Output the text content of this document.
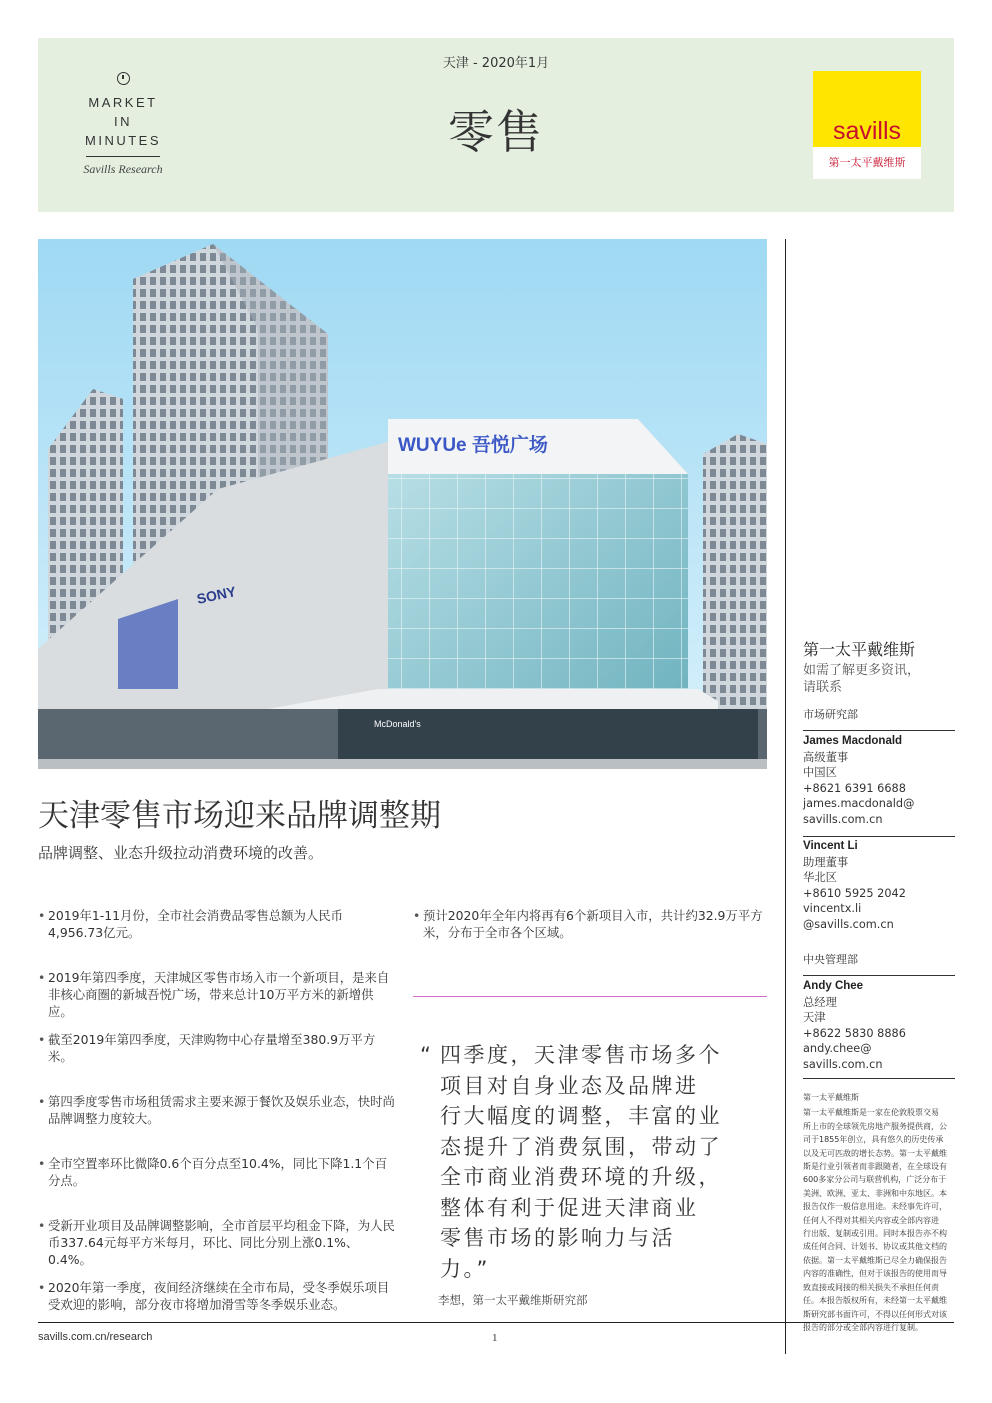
MARKET
IN
MINUTES
Savills Research
天津 - 2020年1月
零售	savills
第一太平戴维斯
SONY
WUYUe 吾悦广场
McDonald's
天津零售市场迎来品牌调整期
品牌调整、业态升级拉动消费环境的改善。
• 2019年1-11月份，全市社会消费品零售总额为人民币4,956.73亿元。
• 2019年第四季度，天津城区零售市场入市一个新项目，是来自非核心商圈的新城吾悦广场，带来总计10万平方米的新增供应。
• 截至2019年第四季度，天津购物中心存量增至380.9万平方米。
• 第四季度零售市场租赁需求主要来源于餐饮及娱乐业态，快时尚品牌调整力度较大。
• 全市空置率环比微降0.6个百分点至10.4%，同比下降1.1个百分点。
• 受新开业项目及品牌调整影响，全市首层平均租金下降，为人民币337.64元每平方米每月，环比、同比分别上涨0.1%、0.4%。
• 2020年第一季度，夜间经济继续在全市布局，受冬季娱乐项目受欢迎的影响，部分夜市将增加滑雪等冬季娱乐业态。
• 预计2020年全年内将再有6个新项目入市，共计约32.9万平方米，分布于全市各个区域。
“ 四季度，天津零售市场多个
项目对自身业态及品牌进
行大幅度的调整，丰富的业
态提升了消费氛围，带动了
全市商业消费环境的升级，
整体有利于促进天津商业
零售市场的影响力与活
力。”
李想，第一太平戴维斯研究部
第一太平戴维斯
如需了解更多资讯，
请联系
市场研究部
James Macdonald
高级董事
中国区
+8621 6391 6688
james.macdonald@
savills.com.cn
Vincent Li
助理董事
华北区
+8610 5925 2042
vincentx.li
@savills.com.cn
中央管理部
Andy Chee
总经理
天津
+8622 5830 8886
andy.chee@
savills.com.cn
第一太平戴维斯
第一太平戴维斯是一家在伦敦股票交易
所上市的全球领先房地产服务提供商，公
司于1855年创立，具有悠久的历史传承
以及无可匹敌的增长态势。第一太平戴维
斯是行业引领者而非跟随者，在全球设有
600多家分公司与联营机构，广泛分布于
美洲、欧洲、亚太、非洲和中东地区。本
报告仅作一般信息用途。未经事先许可，
任何人不得对其相关内容或全部内容进
行出版、复制或引用。同时本报告亦不构
成任何合同、计划书、协议或其他文档的
依据。第一太平戴维斯已尽全力确保报告
内容的准确性，但对于该报告的使用而导
致直接或间接的相关损失不承担任何责
任。本报告版权所有，未经第一太平戴维
斯研究部书面许可，不得以任何形式对该
报告的部分或全部内容进行复制。
savills.com.cn/research	1
